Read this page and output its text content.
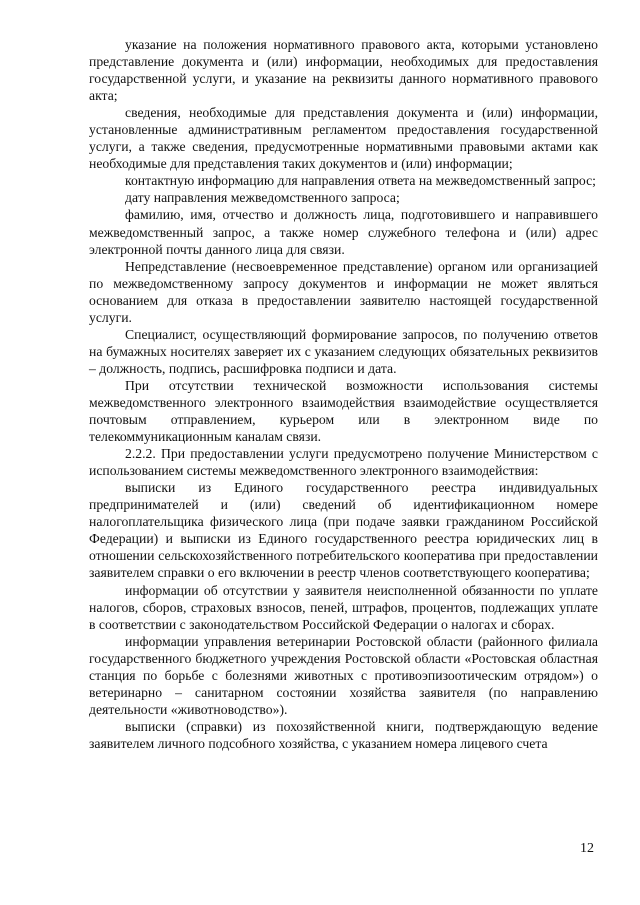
указание на положения нормативного правового акта, которыми установлено представление документа и (или) информации, необходимых для предоставления государственной услуги, и указание на реквизиты данного нормативного правового акта;

сведения, необходимые для представления документа и (или) информации, установленные административным регламентом предоставления государственной услуги, а также сведения, предусмотренные нормативными правовыми актами как необходимые для представления таких документов и (или) информации;

контактную информацию для направления ответа на межведомственный запрос;

дату направления межведомственного запроса;

фамилию, имя, отчество и должность лица, подготовившего и направившего межведомственный запрос, а также номер служебного телефона и (или) адрес электронной почты данного лица для связи.

Непредставление (несвоевременное представление) органом или организацией по межведомственному запросу документов и информации не может являться основанием для отказа в предоставлении заявителю настоящей государственной услуги.

Специалист, осуществляющий формирование запросов, по получению ответов на бумажных носителях заверяет их с указанием следующих обязательных реквизитов – должность, подпись, расшифровка подписи и дата.

При отсутствии технической возможности использования системы межведомственного электронного взаимодействия взаимодействие осуществляется почтовым отправлением, курьером или в электронном виде по телекоммуникационным каналам связи.

2.2.2. При предоставлении услуги предусмотрено получение Министерством с использованием системы межведомственного электронного взаимодействия:

выписки из Единого государственного реестра индивидуальных предпринимателей и (или) сведений об идентификационном номере налогоплательщика физического лица (при подаче заявки гражданином Российской Федерации) и выписки из Единого государственного реестра юридических лиц в отношении сельскохозяйственного потребительского кооператива при предоставлении заявителем справки о его включении в реестр членов соответствующего кооператива;

информации об отсутствии у заявителя неисполненной обязанности по уплате налогов, сборов, страховых взносов, пеней, штрафов, процентов, подлежащих уплате в соответствии с законодательством Российской Федерации о налогах и сборах.

информации управления ветеринарии Ростовской области (районного филиала государственного бюджетного учреждения Ростовской области «Ростовская областная станция по борьбе с болезнями животных с противоэпизоотическим отрядом») о ветеринарно – санитарном состоянии хозяйства заявителя (по направлению деятельности «животноводство»).

выписки (справки) из похозяйственной книги, подтверждающую ведение заявителем личного подсобного хозяйства, с указанием номера лицевого счета

12
